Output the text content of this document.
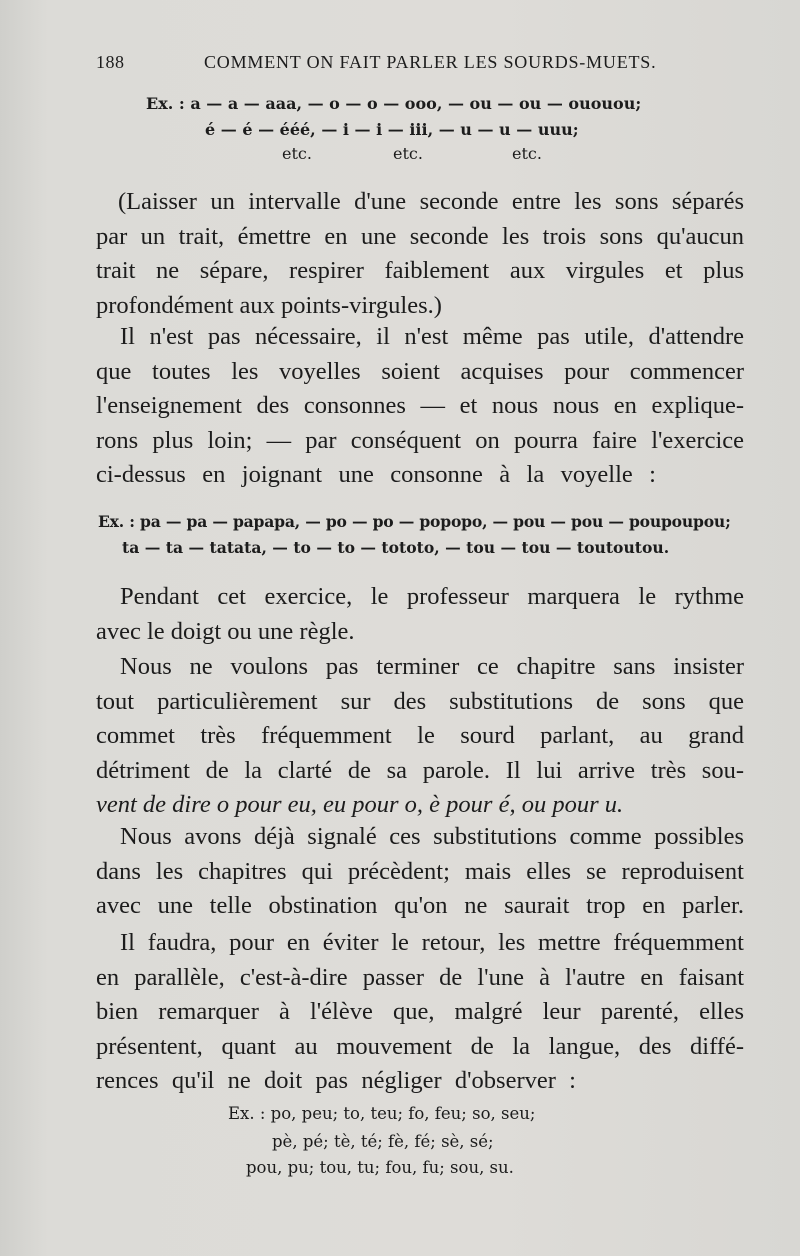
188	COMMENT ON FAIT PARLER LES SOURDS-MUETS.
Ex. : a — a — aaa, — o — o — ooo, — ou — ou — ououou;
é — é — ééé, — i — i — iii, — u — u — uuu;
etc.	etc.	etc.
(Laisser un intervalle d'une seconde entre les sons séparés
par un trait, émettre en une seconde les trois sons qu'aucun
trait ne sépare, respirer faiblement aux virgules et plus
profondément aux points-virgules.)
Il n'est pas nécessaire, il n'est même pas utile, d'attendre
que toutes les voyelles soient acquises pour commencer
l'enseignement des consonnes — et nous nous en explique-
rons plus loin; — par conséquent on pourra faire l'exercice
ci-dessus en joignant une consonne à la voyelle :
Ex. : pa — pa — papapa, — po — po — popopo, — pou — pou — poupoupou;
ta — ta — tatata, — to — to — tototo, — tou — tou — toutoutou.
Pendant cet exercice, le professeur marquera le rythme
avec le doigt ou une règle.
Nous ne voulons pas terminer ce chapitre sans insister
tout particulièrement sur des substitutions de sons que
commet très fréquemment le sourd parlant, au grand
détriment de la clarté de sa parole. Il lui arrive très sou-
vent de dire o pour eu, eu pour o, è pour é, ou pour u.
Nous avons déjà signalé ces substitutions comme possibles
dans les chapitres qui précèdent; mais elles se reproduisent
avec une telle obstination qu'on ne saurait trop en parler.
Il faudra, pour en éviter le retour, les mettre fréquemment
en parallèle, c'est-à-dire passer de l'une à l'autre en faisant
bien remarquer à l'élève que, malgré leur parenté, elles
présentent, quant au mouvement de la langue, des diffé-
rences qu'il ne doit pas négliger d'observer :
Ex. : po, peu; to, teu; fo, feu; so, seu;
pè, pé; tè, té; fè, fé; sè, sé;
pou, pu; tou, tu; fou, fu; sou, su.
